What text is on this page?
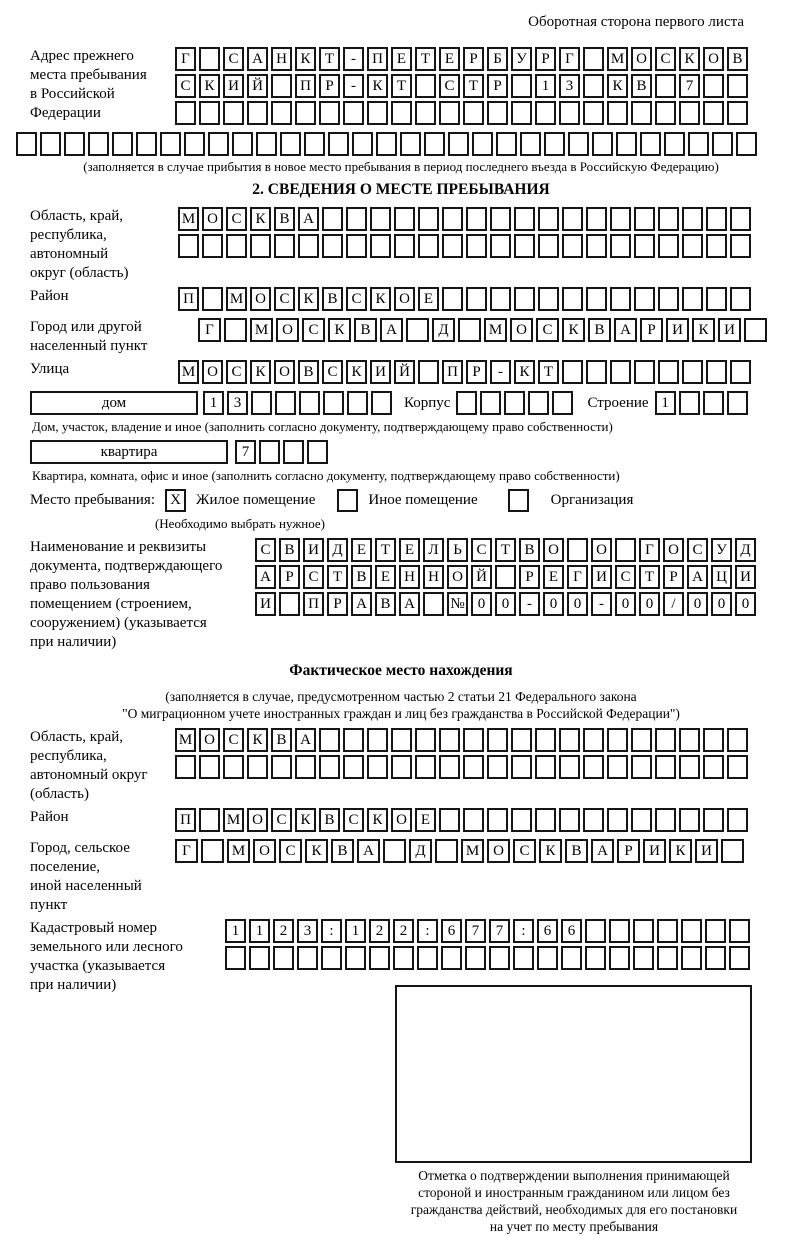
Оборотная сторона первого листа
Адрес прежнего
места пребывания
в Российской
Федерации
Г	С А Н К Т	-	П Е Т Е	Р	Б У Р	Г	М О С К О В
С К И Й	П Р	-	К Т	С Т	Р	1	3	К В	7
(заполняется в случае прибытия в новое место пребывания в период последнего въезда в Российскую Федерацию)
2. СВЕДЕНИЯ О МЕСТЕ ПРЕБЫВАНИЯ
Область, край,
республика,
автономный
округ (область)
М О С К В А
Район	П	М О С К В С К О Е
Город или другой
населенный пункт
Г	М О	С	К	В	А	Д	М О	С	К	В	А	Р	И	К	И
Улица	М О С К О В С К И Й	П Р	-	К Т
дом	1	3	Корпус	Строение 1
Дом, участок, владение и иное (заполнить согласно документу, подтверждающему право собственности)
квартира	7
Квартира, комната, офис и иное (заполнить согласно документу, подтверждающему право собственности)
Место пребывания:	X	Жилое помещение	Иное помещение	Организация
(Необходимо выбрать нужное)
Наименование и реквизиты
документа, подтверждающего
право пользования
помещением (строением,
сооружением) (указывается
при наличии)
С В И Д Е Т Е Л Ь С Т В О	О	Г О С У Д
А Р С Т В Е Н Н О Й	Р	Е	Г И С Т	Р А Ц И
И	П Р А В А	№ 0	0	-	0	0	-	0	0	/	0	0	0
Фактическое место нахождения
(заполняется в случае, предусмотренном частью 2 статьи 21 Федерального закона
"О миграционном учете иностранных граждан и лиц без гражданства в Российской Федерации")
Область, край,
республика,
автономный округ
(область)
М О С К В А
Район	П	М О С К В С К О Е
Город, сельское поселение,
иной населенный пункт
Г	М О	С	К	В	А	Д	М О	С	К	В	А	Р	И	К	И
Кадастровый номер
земельного или лесного
участка (указывается
при наличии)
1	1	2	3	:	1	2	2	:	6	7	7	:	6	6
Отметка о подтверждении выполнения принимающей
стороной и иностранным гражданином или лицом без
гражданства действий, необходимых для его постановки
на учет по месту пребывания
